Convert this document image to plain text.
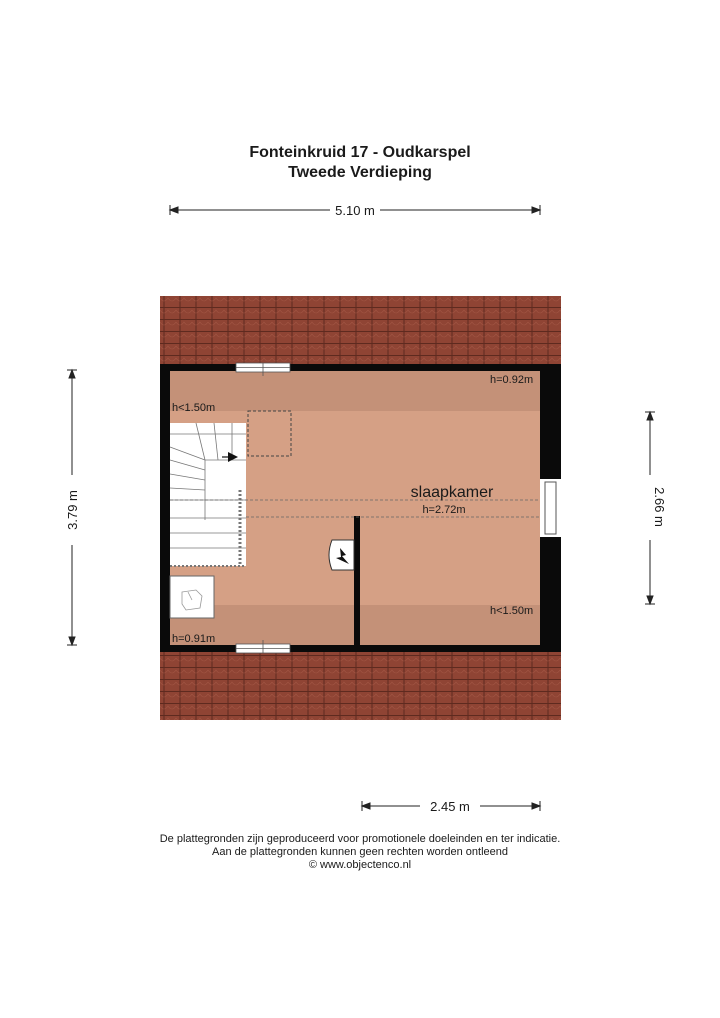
Fonteinkruid 17 - Oudkarspel
Tweede Verdieping
5.10 m
2.45 m
3.79 m	2.66 m
slaapkamer
h=2.72m
h=0.92m
h<1.50m
h<1.50m
h=0.91m
De plattegronden zijn geproduceerd voor promotionele doeleinden en ter indicatie.
Aan de plattegronden kunnen geen rechten worden ontleend
© www.objectenco.nl
